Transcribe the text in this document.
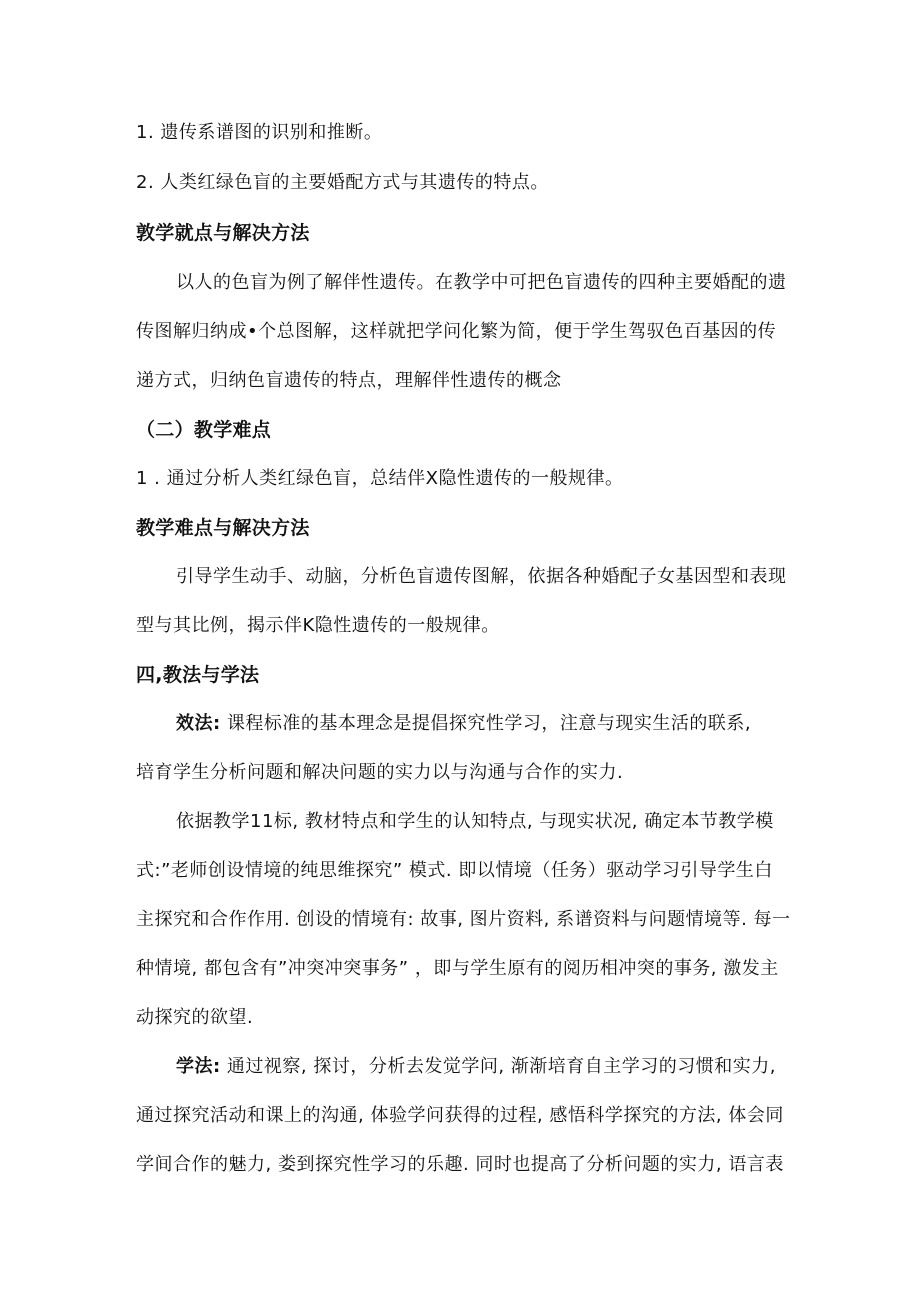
1. 遗传系谱图的识别和推断。
2. 人类红绿色盲的主要婚配方式与其遗传的特点。
敦学就点与解决方法
以人的色盲为例了解伴性遗传。在教学中可把色盲遗传的四种主要婚配的遗
传图解归纳成•个总图解，这样就把学问化繁为简，便于学生驾驭色百基因的传
递方式，归纳色盲遗传的特点，理解伴性遗传的概念
（二）教学难点
1 . 通过分析人类红绿色盲，总结伴X隐性遗传的一般规律。
教学难点与解决方法
引导学生动手、动脑，分析色盲遗传图解，依据各种婚配子女基因型和表现
型与其比例，揭示伴K隐性遗传的一般规律。
四,教法与学法
效法: 课程标准的基本理念是提倡探究性学习，注意与现实生活的联系,
培育学生分析问题和解决问题的实力以与沟通与合作的实力.
依据教学11标, 教材特点和学生的认知特点, 与现实状况, 确定本节教学模
式:”老师创设情境的纯思维探究” 模式. 即以情境（任务）驱动学习引导学生白
主探究和合作作用. 创设的情境有: 故事, 图片资料, 系谱资料与问题情境等. 每一
种情境, 都包含有”冲突冲突事务” ，即与学生原有的阅历相冲突的事务, 激发主
动探究的欲望.
学法: 通过视察, 探讨，分析去发觉学问, 渐渐培育自主学习的习惯和实力,
通过探究活动和课上的沟通, 体验学问获得的过程, 感悟科学探究的方法, 体会同
学间合作的魅力, 娄到探究性学习的乐趣. 同时也提高了分析问题的实力, 语言表
